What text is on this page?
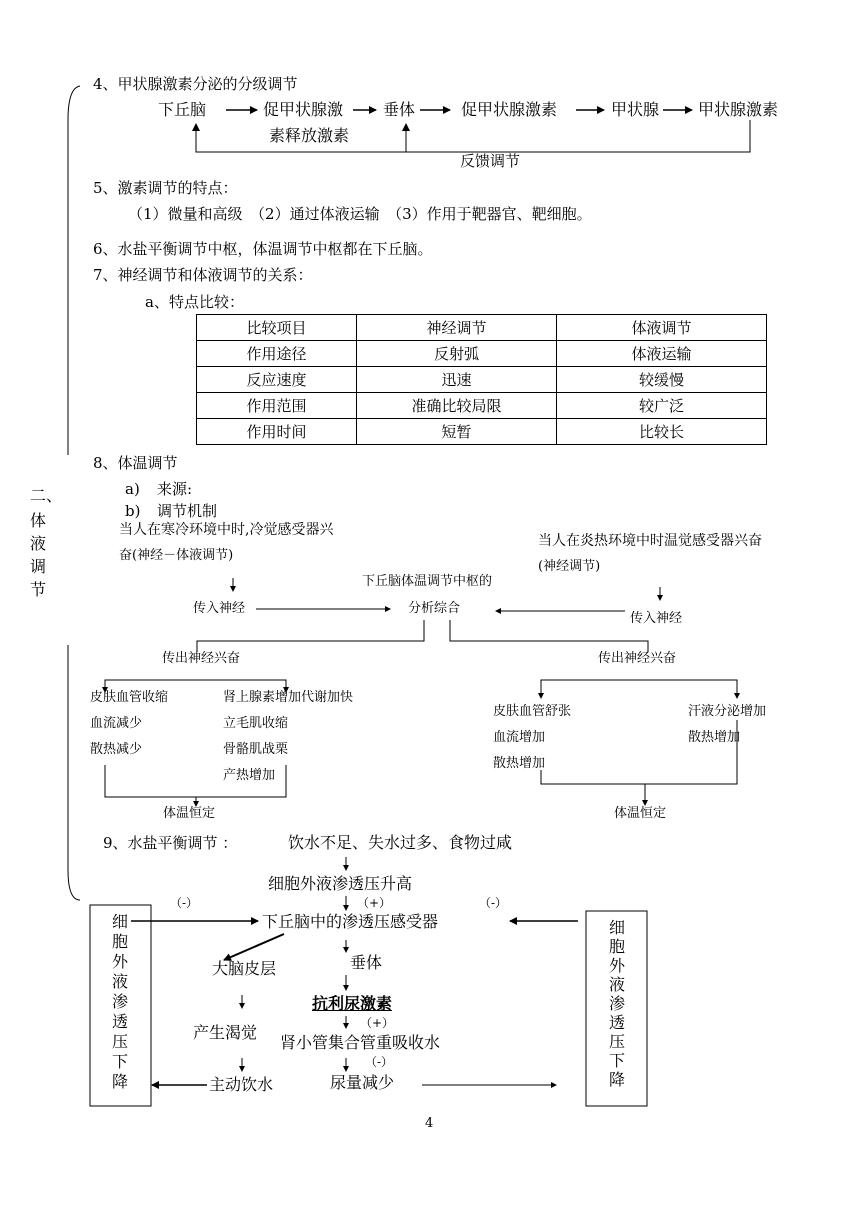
二、
体
液
调
节
4、甲状腺激素分泌的分级调节
下丘脑	促甲状腺激
素释放激素
垂体	促甲状腺激素	甲状腺 甲状腺激素
反馈调节
5、激素调节的特点：
（1）微量和高级　（2）通过体液运输　（3）作用于靶器官、靶细胞。
6、水盐平衡调节中枢，体温调节中枢都在下丘脑。
7、神经调节和体液调节的关系：
a、特点比较：
比较项目	神经调节	体液调节
作用途径	反射弧	体液运输
反应速度	迅速	较缓慢
作用范围	准确比较局限	较广泛
作用时间	短暂	比较长
8、体温调节
a) 来源:
b) 调节机制
当人在寒冷环境中时,冷觉感受器兴
奋(神经－体液调节)
当人在炎热环境中时温觉感受器兴奋
(神经调节)
下丘脑体温调节中枢的
分析综合
传入神经
传入神经
传出神经兴奋	传出神经兴奋
皮肤血管收缩
血流减少
散热减少
肾上腺素增加代谢加快
立毛肌收缩
骨骼肌战栗
产热增加
皮肤血管舒张
血流增加
散热增加
汗液分泌增加
散热增加
体温恒定	体温恒定
9、水盐平衡调节 ：	饮水不足、失水过多、食物过咸
细胞外液渗透压升高
（+）
（-）	（-）
下丘脑中的渗透压感受器
大脑皮层	垂体
抗利尿激素
（+）
肾小管集合管重吸收水
（-）
产生渴觉
主动饮水	尿量减少
细胞外液渗透压下降
细胞外液渗透压下降
4
